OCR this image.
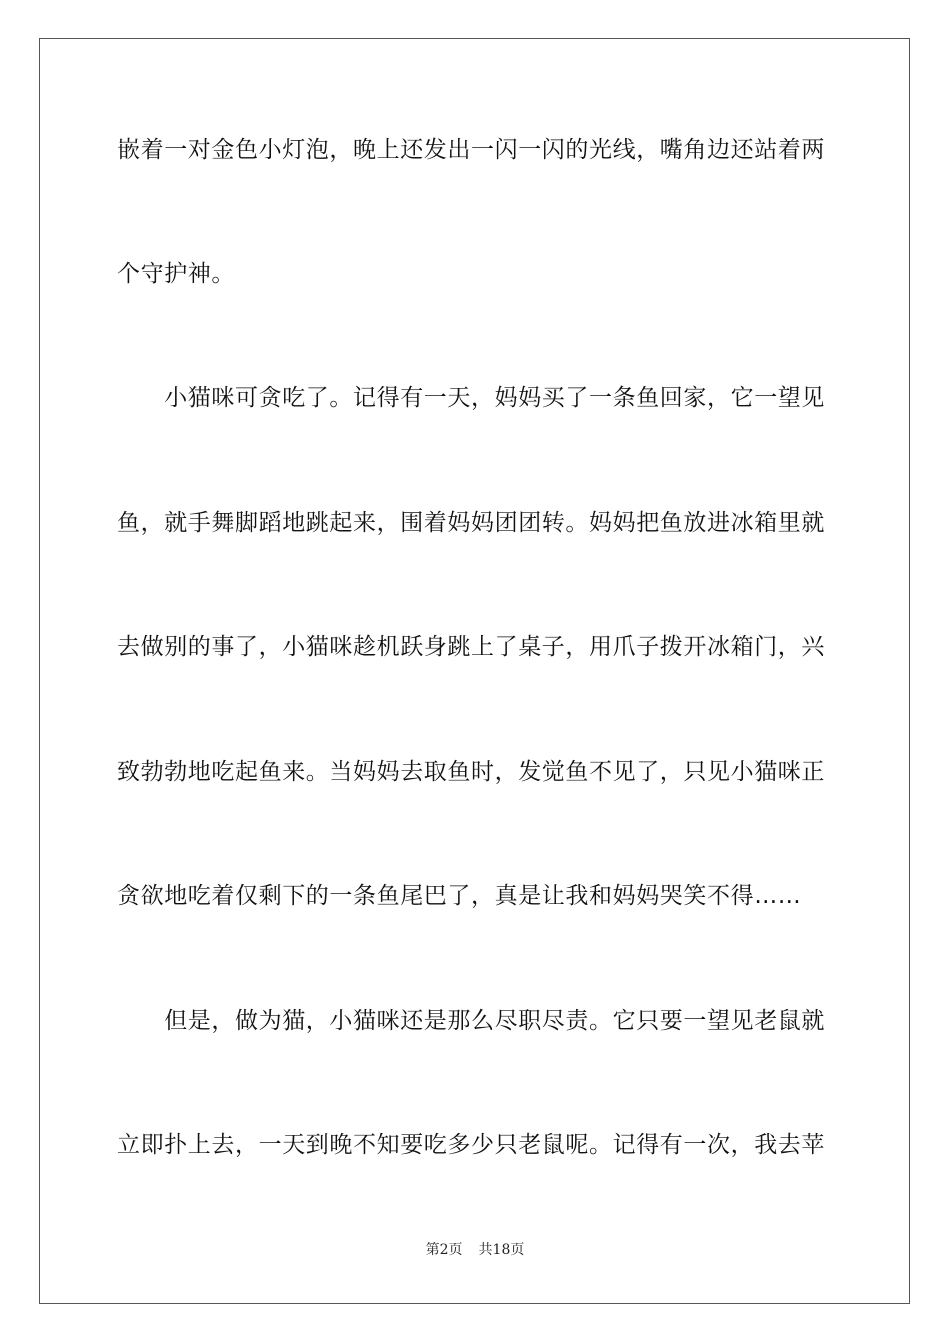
嵌着一对金色小灯泡，晚上还发出一闪一闪的光线，嘴角边还站着两
个守护神。
　　小猫咪可贪吃了。记得有一天，妈妈买了一条鱼回家，它一望见
鱼，就手舞脚蹈地跳起来，围着妈妈团团转。妈妈把鱼放进冰箱里就
去做别的事了，小猫咪趁机跃身跳上了桌子，用爪子拨开冰箱门，兴
致勃勃地吃起鱼来。当妈妈去取鱼时，发觉鱼不见了，只见小猫咪正
贪欲地吃着仅剩下的一条鱼尾巴了，真是让我和妈妈哭笑不得……
　　但是，做为猫，小猫咪还是那么尽职尽责。它只要一望见老鼠就
立即扑上去，一天到晚不知要吃多少只老鼠呢。记得有一次，我去苹
第2页 共18页
